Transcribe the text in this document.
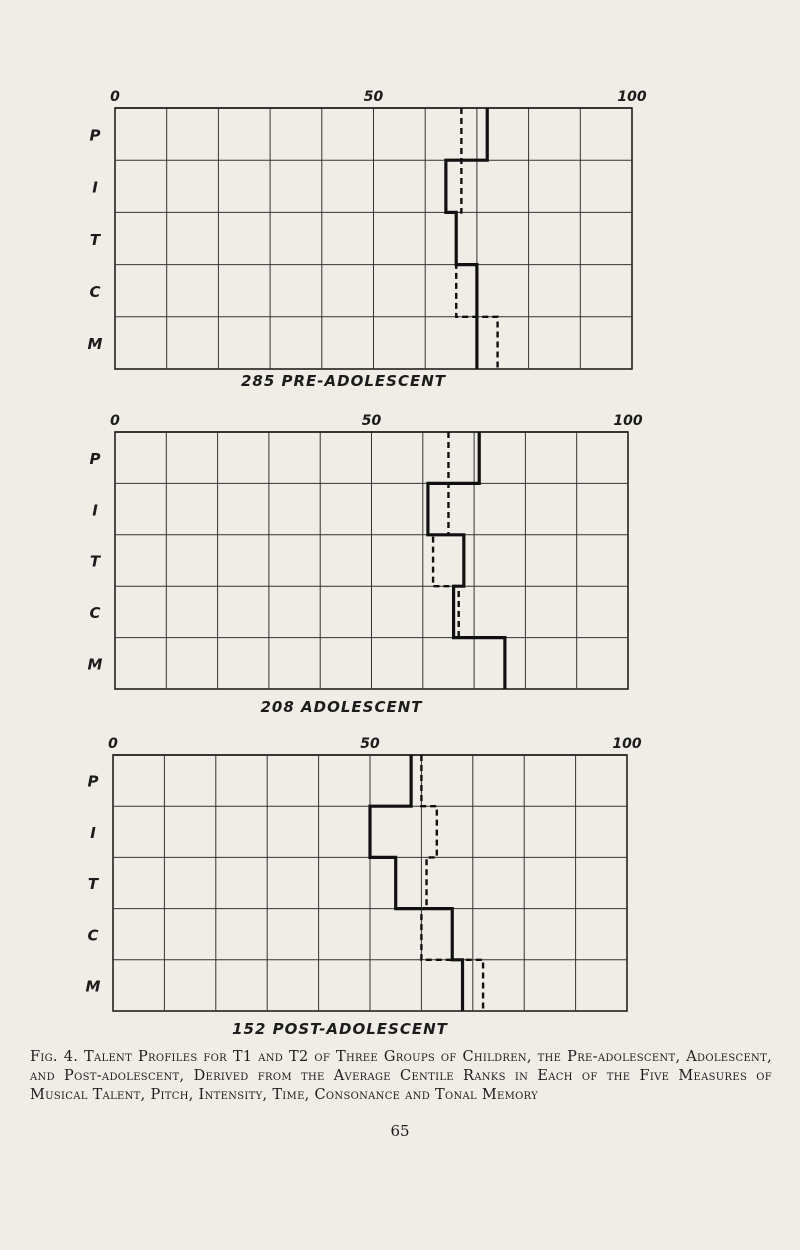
0	50	100
P
I
T
C
M
285 PRE-ADOLESCENT
0	50	100
P
I
T
C
M
208 ADOLESCENT
0	50	100
P
I
T
C
M
152 POST-ADOLESCENT
Fig. 4. Talent Profiles for T1 and T2 of Three Groups of Children, the Pre-adolescent, Adolescent, and Post-adolescent, Derived from the Average Centile Ranks in Each of the Five Measures of Musical Talent, Pitch, Intensity, Time, Consonance and Tonal Memory
65
